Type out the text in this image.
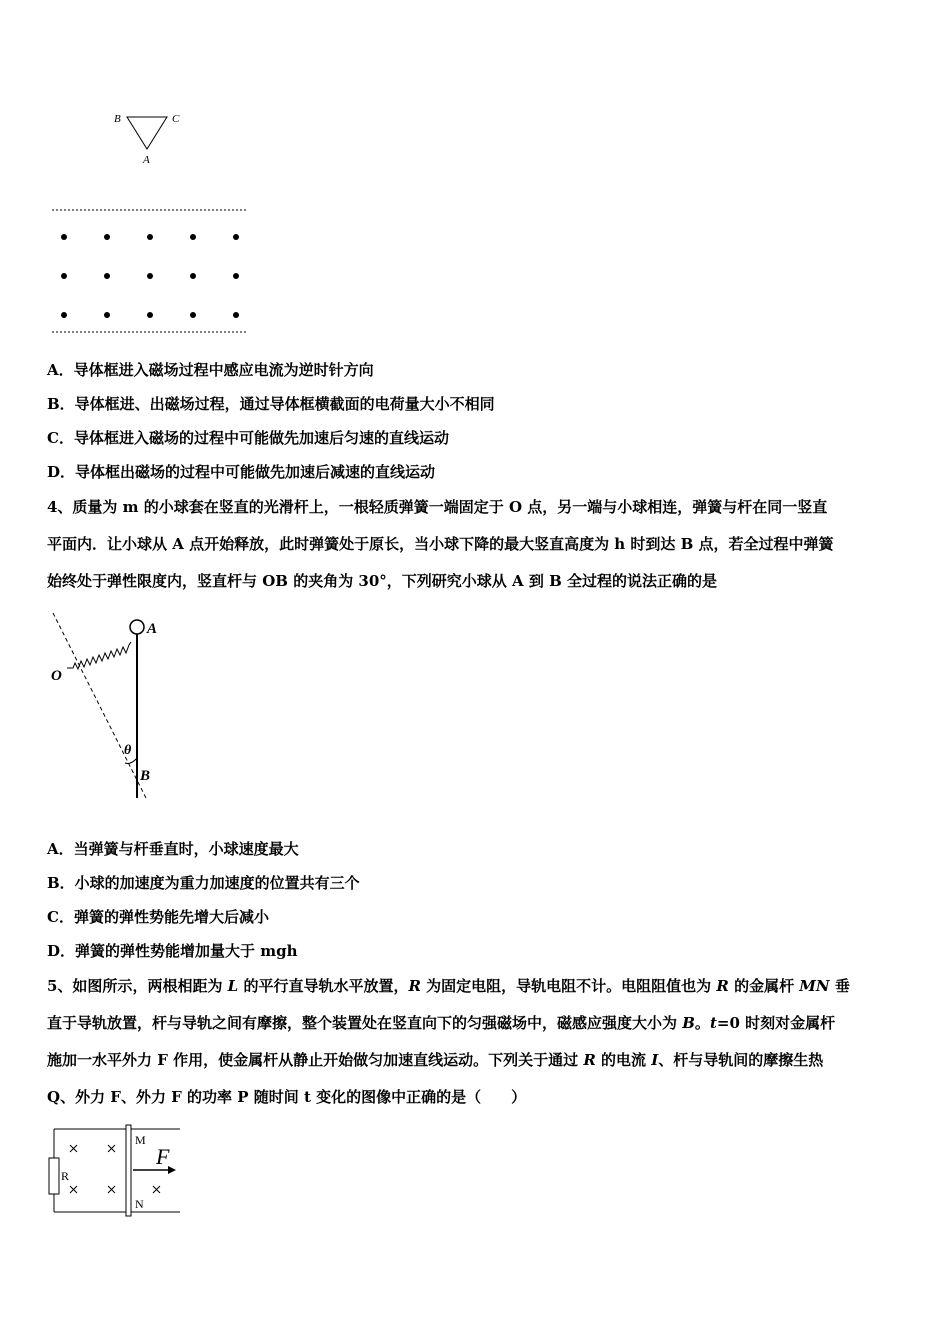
B	C
A
A．导体框进入磁场过程中感应电流为逆时针方向
B．导体框进、出磁场过程，通过导体框横截面的电荷量大小不相同
C．导体框进入磁场的过程中可能做先加速后匀速的直线运动
D．导体框出磁场的过程中可能做先加速后减速的直线运动
4、质量为 m 的小球套在竖直的光滑杆上，一根轻质弹簧一端固定于 O 点，另一端与小球相连，弹簧与杆在同一竖直
平面内．让小球从 A 点开始释放，此时弹簧处于原长，当小球下降的最大竖直高度为 h 时到达 B 点，若全过程中弹簧
始终处于弹性限度内，竖直杆与 OB 的夹角为 30°，下列研究小球从 A 到 B 全过程的说法正确的是
A
O
θ
B
A．当弹簧与杆垂直时，小球速度最大
B．小球的加速度为重力加速度的位置共有三个
C．弹簧的弹性势能先增大后减小
D．弹簧的弹性势能增加量大于 mgh
5、如图所示，两根相距为 L 的平行直导轨水平放置，R 为固定电阻，导轨电阻不计。电阻阻值也为 R 的金属杆 MN 垂
直于导轨放置，杆与导轨之间有摩擦，整个装置处在竖直向下的匀强磁场中，磁感应强度大小为 B。t=0 时刻对金属杆
施加一水平外力 F 作用，使金属杆从静止开始做匀加速直线运动。下列关于通过 R 的电流 I、杆与导轨间的摩擦生热
Q、外力 F、外力 F 的功率 P 随时间 t 变化的图像中正确的是（　　）
R
M
N
F
